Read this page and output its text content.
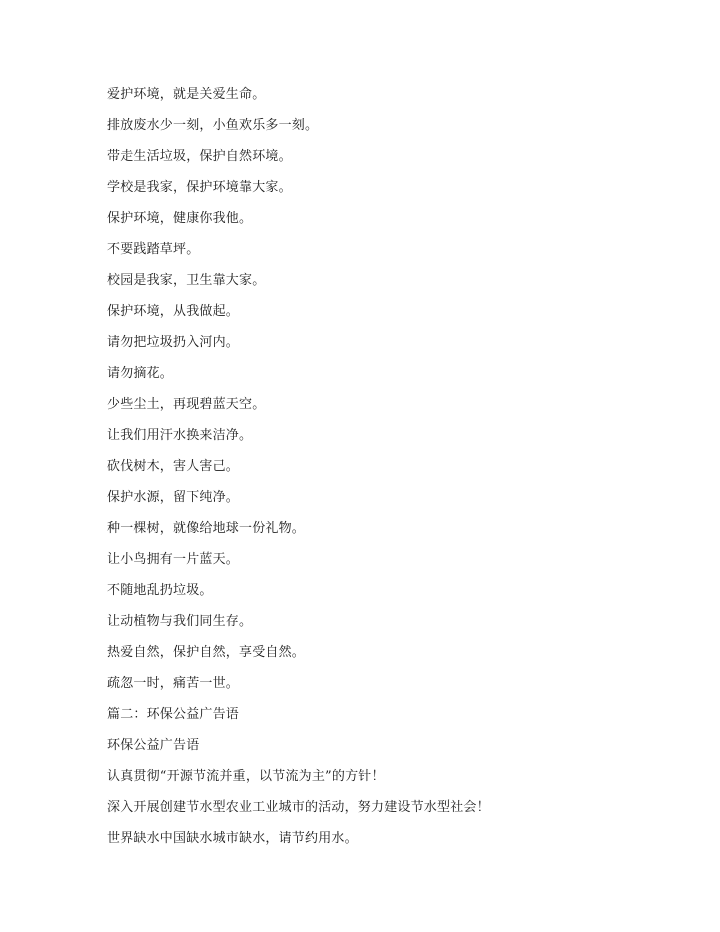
爱护环境，就是关爱生命。
排放废水少一刻，小鱼欢乐多一刻。
带走生活垃圾，保护自然环境。
学校是我家，保护环境靠大家。
保护环境，健康你我他。
不要践踏草坪。
校园是我家，卫生靠大家。
保护环境，从我做起。
请勿把垃圾扔入河内。
请勿摘花。
少些尘土，再现碧蓝天空。
让我们用汗水换来洁净。
砍伐树木，害人害己。
保护水源，留下纯净。
种一棵树，就像给地球一份礼物。
让小鸟拥有一片蓝天。
不随地乱扔垃圾。
让动植物与我们同生存。
热爱自然，保护自然，享受自然。
疏忽一时，痛苦一世。
篇二：环保公益广告语
环保公益广告语
认真贯彻“开源节流并重，以节流为主”的方针！
深入开展创建节水型农业工业城市的活动，努力建设节水型社会！
世界缺水中国缺水城市缺水，请节约用水。
